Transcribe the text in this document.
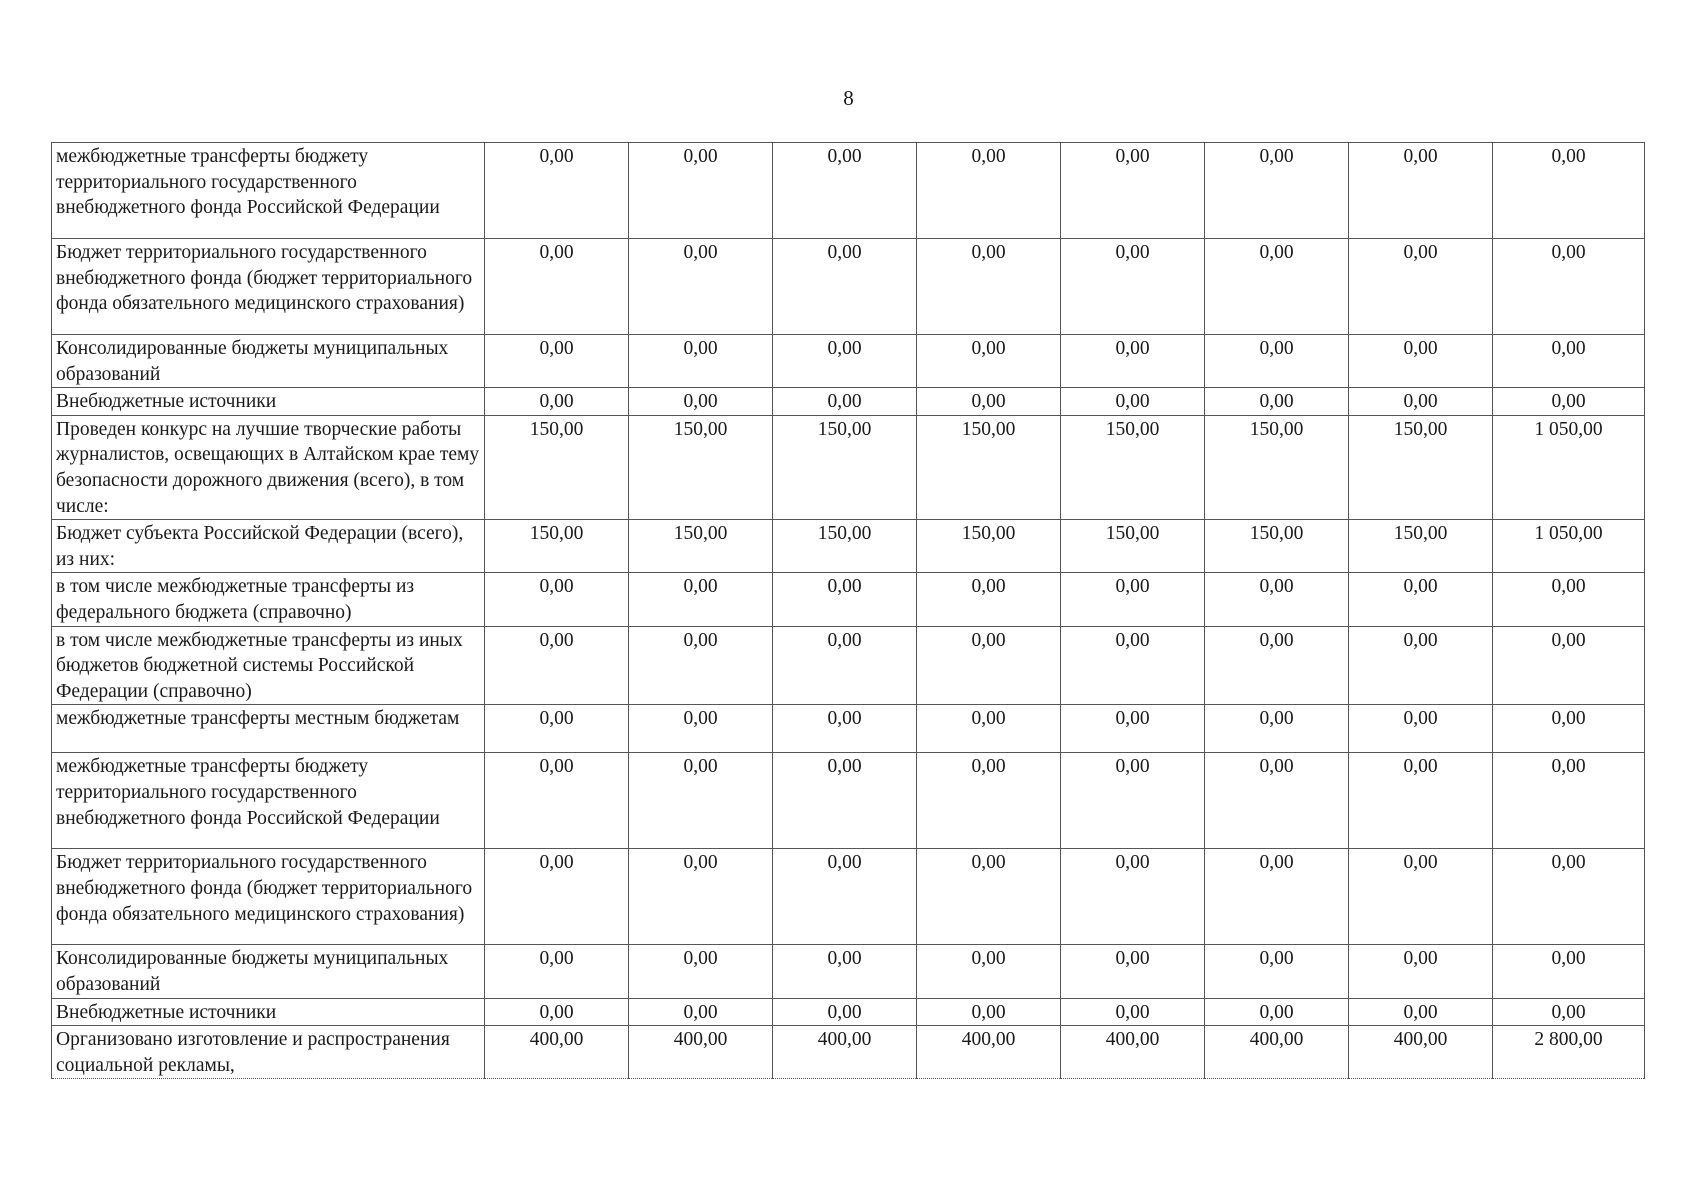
8
межбюджетные трансферты бюджету территориального государственного внебюджетного фонда Российской Федерации	0,00	0,00	0,00	0,00	0,00	0,00	0,00	0,00
Бюджет территориального государственного внебюджетного фонда (бюджет территориального фонда обязательного медицинского страхования)	0,00	0,00	0,00	0,00	0,00	0,00	0,00	0,00
Консолидированные бюджеты муниципальных образований	0,00	0,00	0,00	0,00	0,00	0,00	0,00	0,00
Внебюджетные источники	0,00	0,00	0,00	0,00	0,00	0,00	0,00	0,00
Проведен конкурс на лучшие творческие работы журналистов, освещающих в Алтайском крае тему безопасности дорожного движения (всего), в том числе:	150,00	150,00	150,00	150,00	150,00	150,00	150,00	1 050,00
Бюджет субъекта Российской Федерации (всего), из них:	150,00	150,00	150,00	150,00	150,00	150,00	150,00	1 050,00
в том числе межбюджетные трансферты из федерального бюджета (справочно)	0,00	0,00	0,00	0,00	0,00	0,00	0,00	0,00
в том числе межбюджетные трансферты из иных бюджетов бюджетной системы Российской Федерации (справочно)	0,00	0,00	0,00	0,00	0,00	0,00	0,00	0,00
межбюджетные трансферты местным бюджетам	0,00	0,00	0,00	0,00	0,00	0,00	0,00	0,00
межбюджетные трансферты бюджету территориального государственного внебюджетного фонда Российской Федерации	0,00	0,00	0,00	0,00	0,00	0,00	0,00	0,00
Бюджет территориального государственного внебюджетного фонда (бюджет территориального фонда обязательного медицинского страхования)	0,00	0,00	0,00	0,00	0,00	0,00	0,00	0,00
Консолидированные бюджеты муниципальных образований	0,00	0,00	0,00	0,00	0,00	0,00	0,00	0,00
Внебюджетные источники	0,00	0,00	0,00	0,00	0,00	0,00	0,00	0,00
Организовано изготовление и распространения социальной рекламы,	400,00	400,00	400,00	400,00	400,00	400,00	400,00	2 800,00
